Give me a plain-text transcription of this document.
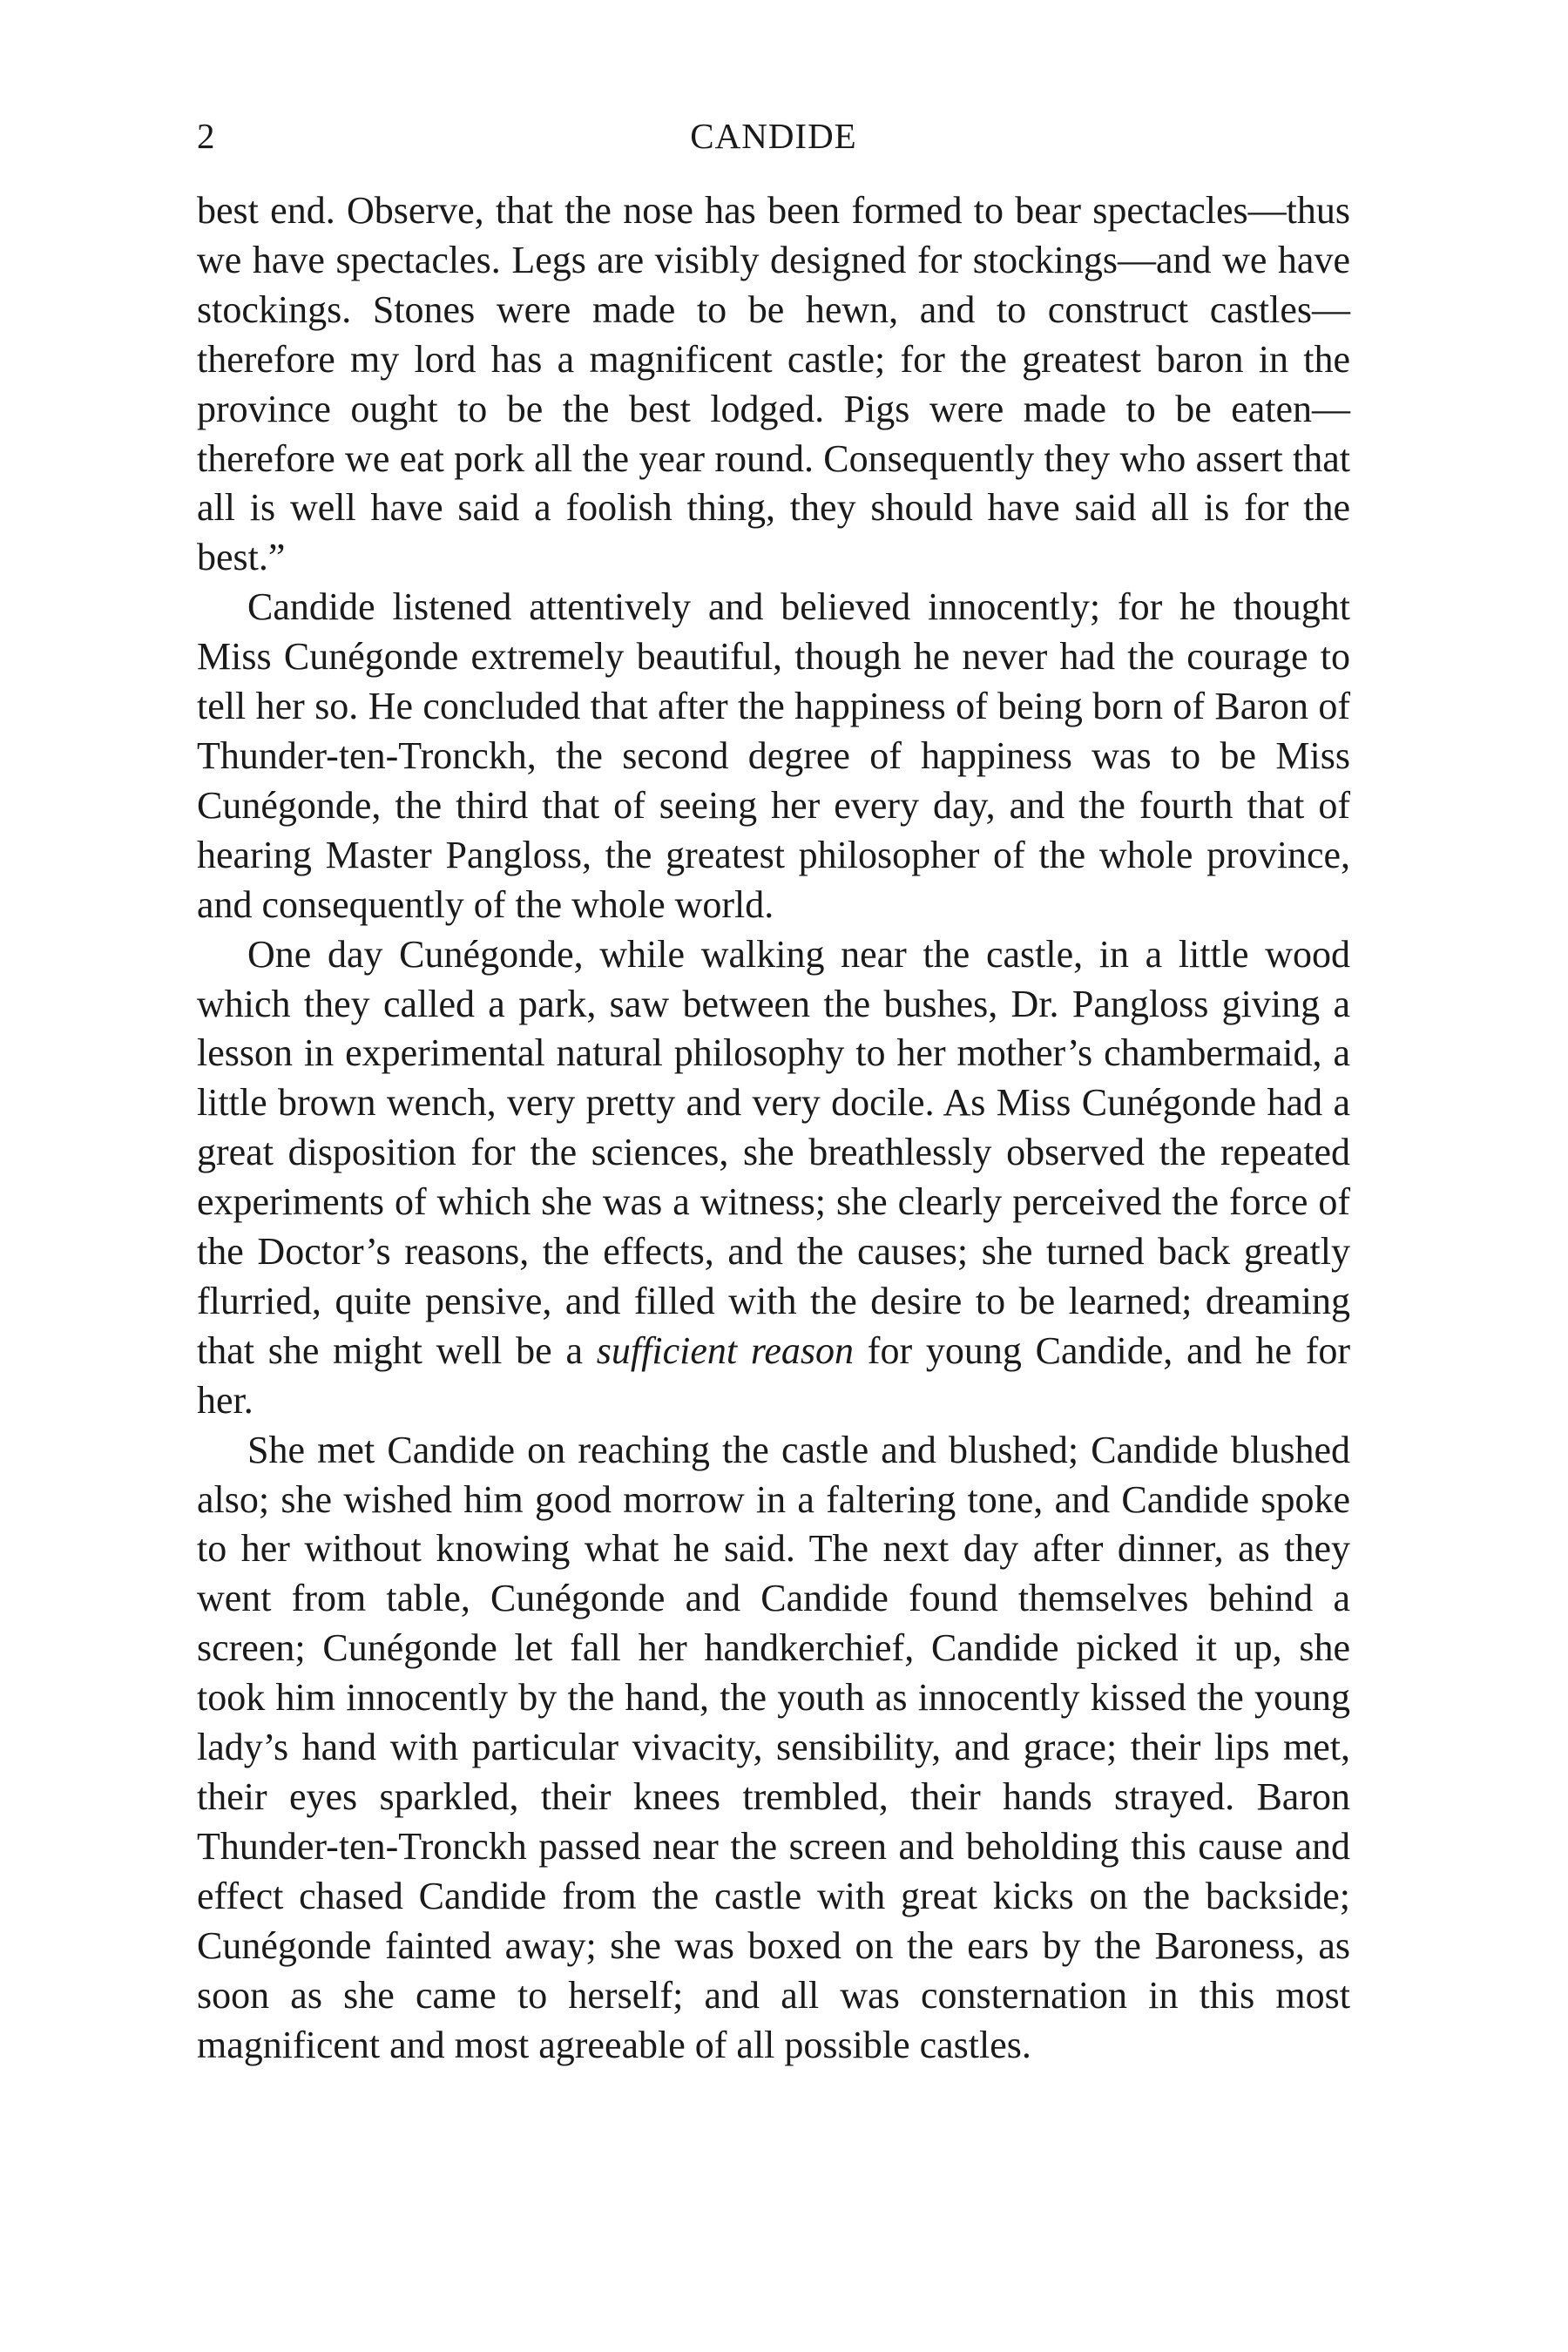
2	CANDIDE

best end. Observe, that the nose has been formed to bear spectacles—thus we have spectacles. Legs are visibly designed for stockings—and we have stockings. Stones were made to be hewn, and to construct castles—therefore my lord has a magnificent castle; for the greatest baron in the province ought to be the best lodged. Pigs were made to be eaten—therefore we eat pork all the year round. Consequently they who assert that all is well have said a foolish thing, they should have said all is for the best.”

Candide listened attentively and believed innocently; for he thought Miss Cunégonde extremely beautiful, though he never had the courage to tell her so. He concluded that after the happiness of being born of Baron of Thunder-ten-Tronckh, the second degree of happiness was to be Miss Cunégonde, the third that of seeing her every day, and the fourth that of hearing Master Pangloss, the greatest philosopher of the whole province, and consequently of the whole world.

One day Cunégonde, while walking near the castle, in a little wood which they called a park, saw between the bushes, Dr. Pangloss giving a lesson in experimental natural philosophy to her mother’s chambermaid, a little brown wench, very pretty and very docile. As Miss Cunégonde had a great disposition for the sciences, she breathlessly observed the repeated experiments of which she was a witness; she clearly perceived the force of the Doctor’s reasons, the effects, and the causes; she turned back greatly flurried, quite pensive, and filled with the desire to be learned; dreaming that she might well be a sufficient reason for young Candide, and he for her.

She met Candide on reaching the castle and blushed; Candide blushed also; she wished him good morrow in a faltering tone, and Candide spoke to her without knowing what he said. The next day after dinner, as they went from table, Cunégonde and Candide found themselves behind a screen; Cunégonde let fall her handkerchief, Candide picked it up, she took him innocently by the hand, the youth as innocently kissed the young lady’s hand with particular vivacity, sensibility, and grace; their lips met, their eyes sparkled, their knees trembled, their hands strayed. Baron Thunder-ten-Tronckh passed near the screen and beholding this cause and effect chased Candide from the castle with great kicks on the backside; Cunégonde fainted away; she was boxed on the ears by the Baroness, as soon as she came to herself; and all was consternation in this most magnificent and most agreeable of all possible castles.
